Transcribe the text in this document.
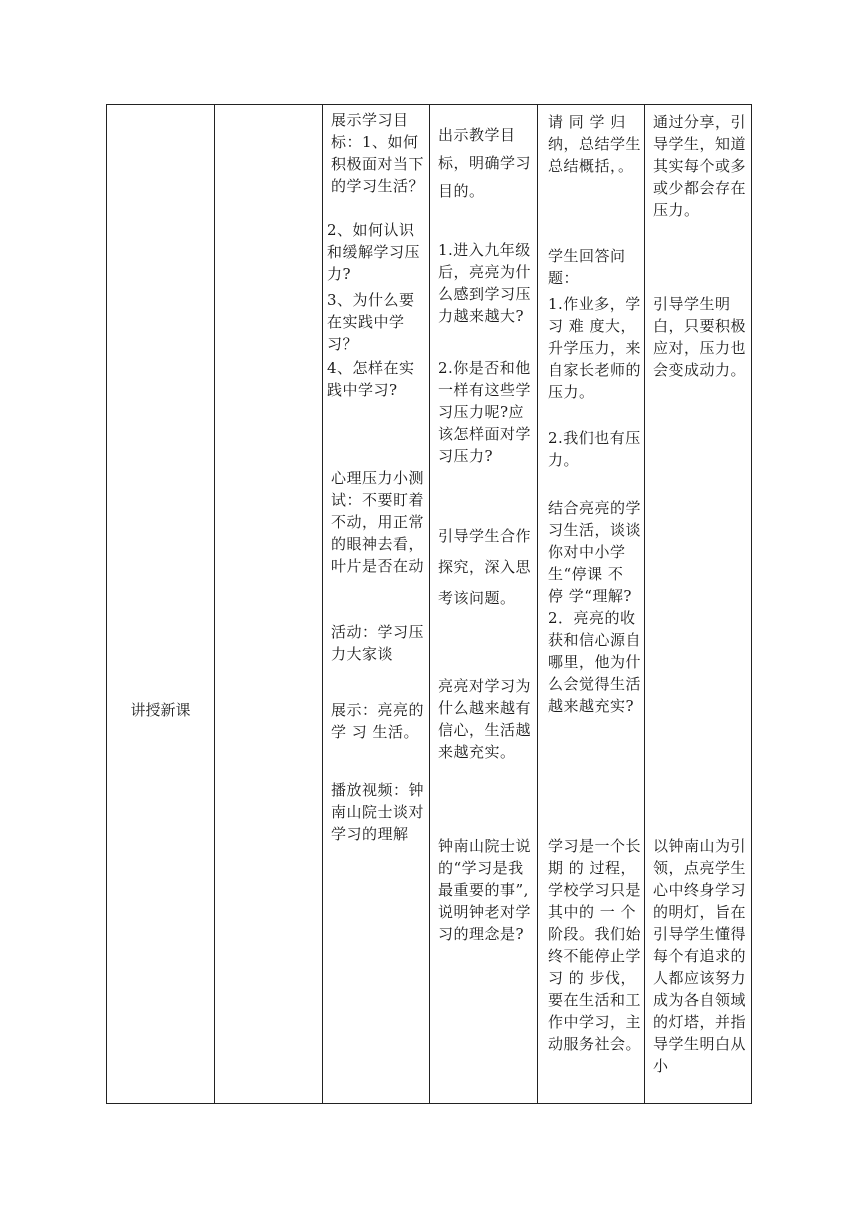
讲授新课
展示学习目标：1、如何积极面对当下的学习生活？
2、如何认识和缓解学习压力?
3、为什么要在实践中学习？
4、怎样在实践中学习?
心理压力小测试：不要盯着不动，用正常的眼神去看，叶片是否在动
活动：学习压力大家谈
展示：亮亮的 学 习 生活。
播放视频：钟南山院士谈对学习的理解
出示教学目标，明确学习目的。
1.进入九年级后，亮亮为什么感到学习压力越来越大?
2.你是否和他一样有这些学习压力呢?应该怎样面对学习压力?
引导学生合作探究，深入思考该问题。
亮亮对学习为什么越来越有信心，生活越来越充实。
钟南山院士说的“学习是我最重要的事”,说明钟老对学习的理念是?
请 同 学 归纳，总结学生总结概括，。
学生回答问题：
1.作业多，学 习 难 度大，升学压力，来自家长老师的压力。
2.我们也有压力。
结合亮亮的学习生活，谈谈你对中小学生“停课 不 停 学“理解?2．亮亮的收获和信心源自哪里，他为什么会觉得生活越来越充实?
学习是一个长 期 的 过程，学校学习只是其中的 一 个 阶段。我们始终不能停止学 习 的 步伐，要在生活和工作中学习，主动服务社会。
通过分享，引导学生，知道其实每个或多或少都会存在压力。
引导学生明白，只要积极应对，压力也会变成动力。
以钟南山为引领，点亮学生心中终身学习的明灯，旨在引导学生懂得每个有追求的人都应该努力成为各自领域的灯塔，并指导学生明白从小
